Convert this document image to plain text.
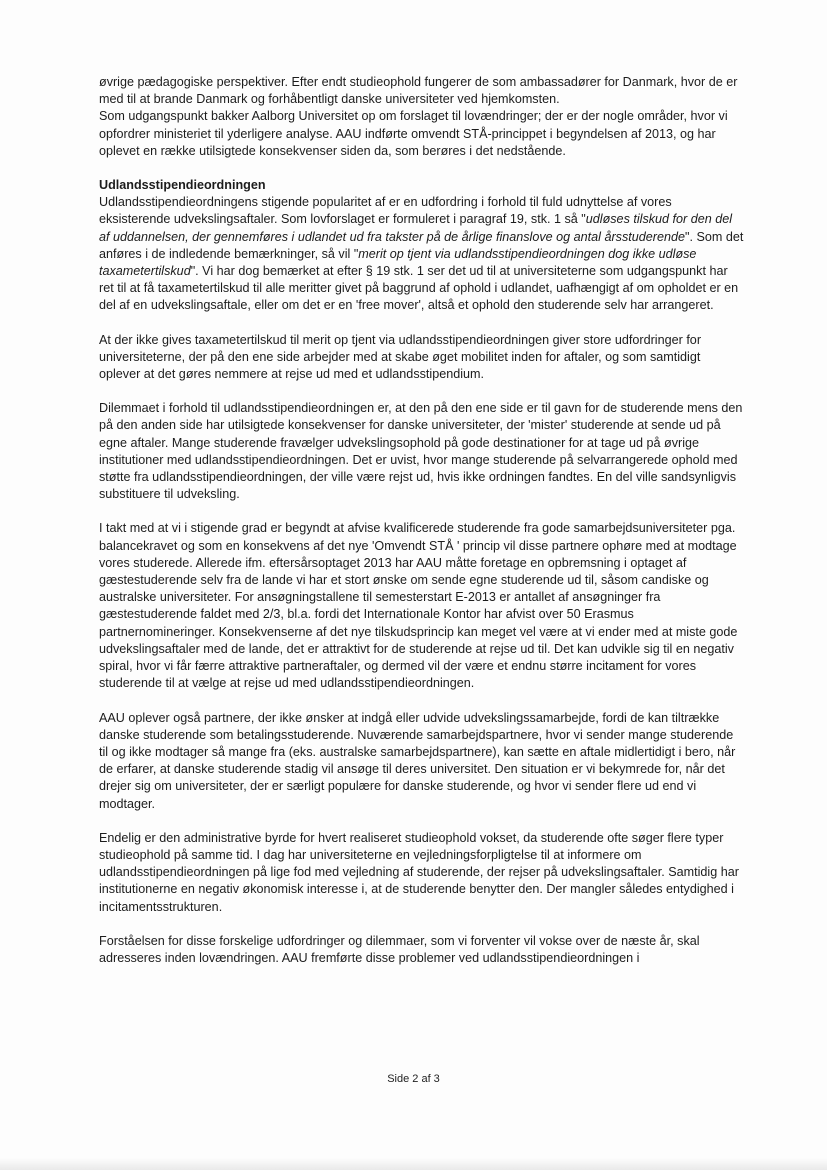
øvrige pædagogiske perspektiver. Efter endt studieophold fungerer de som ambassadører for Danmark, hvor de er med til at brande Danmark og forhåbentligt danske universiteter ved hjemkomsten.

Som udgangspunkt bakker Aalborg Universitet op om forslaget til lovændringer; der er der nogle områder, hvor vi opfordrer ministeriet til yderligere analyse. AAU indførte omvendt STÅ-princippet i begyndelsen af 2013, og har oplevet en række utilsigtede konsekvenser siden da, som berøres i det nedstående.

Udlandsstipendieordningen

Udlandsstipendieordningens stigende popularitet af er en udfordring i forhold til fuld udnyttelse af vores eksisterende udvekslingsaftaler. Som lovforslaget er formuleret i paragraf 19, stk. 1 så "udløses tilskud for den del af uddannelsen, der gennemføres i udlandet ud fra takster på de årlige finanslove og antal årsstuderende". Som det anføres i de indledende bemærkninger, så vil "merit op tjent via udlandsstipendieordningen dog ikke udløse taxametertilskud". Vi har dog bemærket at efter § 19 stk. 1 ser det ud til at universiteterne som udgangspunkt har ret til at få taxametertilskud til alle meritter givet på baggrund af ophold i udlandet, uafhængigt af om opholdet er en del af en udvekslingsaftale, eller om det er en 'free mover', altså et ophold den studerende selv har arrangeret.

At der ikke gives taxametertilskud til merit op tjent via udlandsstipendieordningen giver store udfordringer for universiteterne, der på den ene side arbejder med at skabe øget mobilitet inden for aftaler, og som samtidigt oplever at det gøres nemmere at rejse ud med et udlandsstipendium.

Dilemmaet i forhold til udlandsstipendieordningen er, at den på den ene side er til gavn for de studerende mens den på den anden side har utilsigtede konsekvenser for danske universiteter, der 'mister' studerende at sende ud på egne aftaler. Mange studerende fravælger udvekslingsophold på gode destinationer for at tage ud på øvrige institutioner med udlandsstipendieordningen. Det er uvist, hvor mange studerende på selvarrangerede ophold med støtte fra udlandsstipendieordningen, der ville være rejst ud, hvis ikke ordningen fandtes. En del ville sandsynligvis substituere til udveksling.

I takt med at vi i stigende grad er begyndt at afvise kvalificerede studerende fra gode samarbejdsuniversiteter pga. balancekravet og som en konsekvens af det nye 'Omvendt STÅ ' princip vil disse partnere ophøre med at modtage vores studerede. Allerede ifm. eftersårsoptaget 2013 har AAU måtte foretage en opbremsning i optaget af gæstestuderende selv fra de lande vi har et stort ønske om sende egne studerende ud til, såsom candiske og australske universiteter. For ansøgningstallene til semesterstart E-2013 er antallet af ansøgninger fra gæstestuderende faldet med 2/3, bl.a. fordi det Internationale Kontor har afvist over 50 Erasmus partnernomineringer. Konsekvenserne af det nye tilskudsprincip kan meget vel være at vi ender med at miste gode udvekslingsaftaler med de lande, det er attraktivt for de studerende at rejse ud til. Det kan udvikle sig til en negativ spiral, hvor vi får færre attraktive partneraftaler, og dermed vil der være et endnu større incitament for vores studerende til at vælge at rejse ud med udlandsstipendieordningen.

AAU oplever også partnere, der ikke ønsker at indgå eller udvide udvekslingssamarbejde, fordi de kan tiltrække danske studerende som betalingsstuderende. Nuværende samarbejdspartnere, hvor vi sender mange studerende til og ikke modtager så mange fra (eks. australske samarbejdspartnere), kan sætte en aftale midlertidigt i bero, når de erfarer, at danske studerende stadig vil ansøge til deres universitet. Den situation er vi bekymrede for, når det drejer sig om universiteter, der er særligt populære for danske studerende, og hvor vi sender flere ud end vi modtager.

Endelig er den administrative byrde for hvert realiseret studieophold vokset, da studerende ofte søger flere typer studieophold på samme tid. I dag har universiteterne en vejledningsforpligtelse til at informere om udlandsstipendieordningen på lige fod med vejledning af studerende, der rejser på udvekslingsaftaler. Samtidig har institutionerne en negativ økonomisk interesse i, at de studerende benytter den. Der mangler således entydighed i incitamentsstrukturen.

Forståelsen for disse forskelige udfordringer og dilemmaer, som vi forventer vil vokse over de næste år, skal adresseres inden lovændringen. AAU fremførte disse problemer ved udlandsstipendieordningen i

Side 2 af 3
